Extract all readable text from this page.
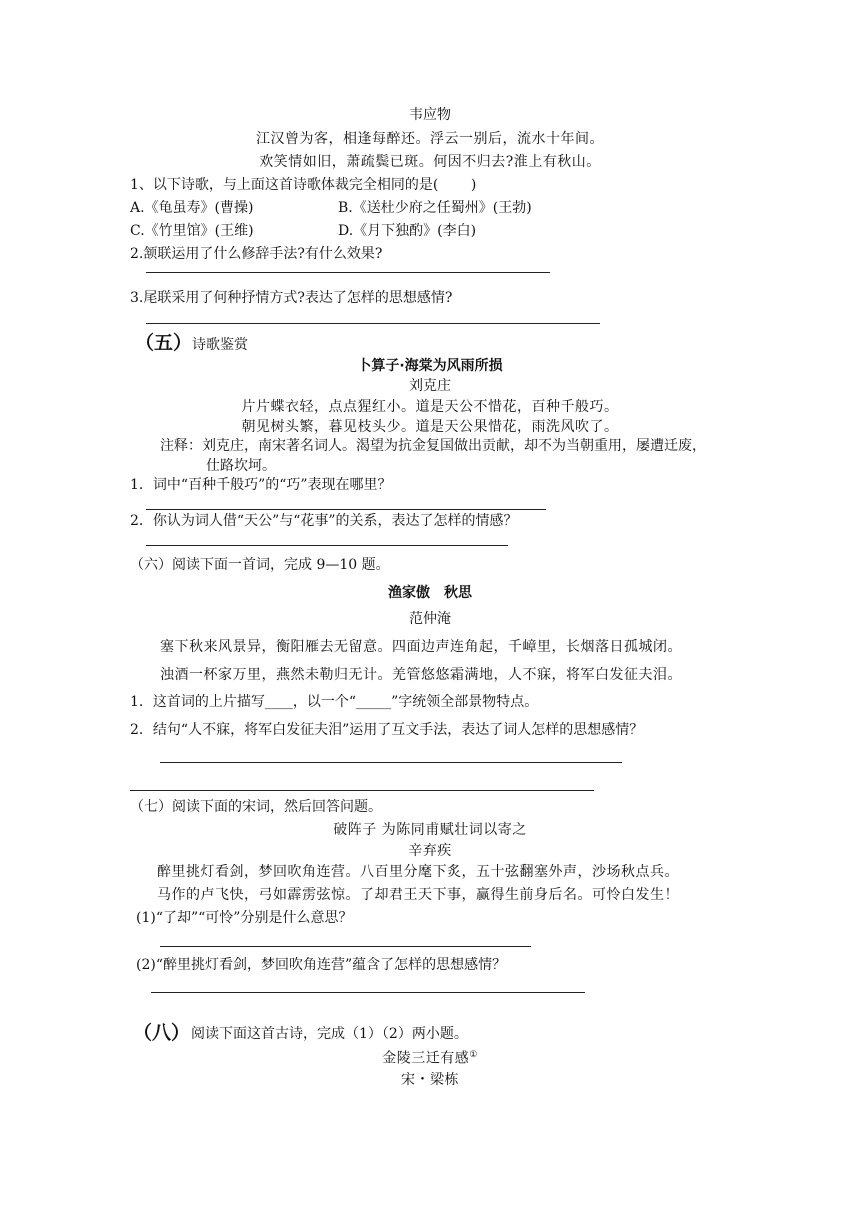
韦应物
江汉曾为客，相逢每醉还。浮云一别后，流水十年间。
欢笑情如旧，萧疏鬓已斑。何因不归去?淮上有秋山。
1、以下诗歌，与上面这首诗歌体裁完全相同的是(　　 )
A.《龟虽寿》(曹操)	B.《送杜少府之任蜀州》(王勃)
C.《竹里馆》(王维)	D.《月下独酌》(李白)
2.颔联运用了什么修辞手法?有什么效果?
3.尾联采用了何种抒情方式?表达了怎样的思想感情?
（五） 诗歌鉴赏
卜算子·海棠为风雨所损
刘克庄
片片蝶衣轻，点点猩红小。道是天公不惜花，百种千般巧。
朝见树头繁，暮见枝头少。道是天公果惜花，雨洗风吹了。
注释：刘克庄，南宋著名词人。渴望为抗金复国做出贡献，却不为当朝重用，屡遭迁废，
仕路坎坷。
1．词中“百种千般巧”的“巧”表现在哪里？
2．你认为词人借“天公”与“花事”的关系，表达了怎样的情感？
（六）阅读下面一首词，完成 9—10 题。
渔家傲　秋思
范仲淹
塞下秋来风景异，衡阳雁去无留意。四面边声连角起，千嶂里，长烟落日孤城闭。
浊酒一杯家万里，燕然未勒归无计。羌管悠悠霜满地，人不寐，将军白发征夫泪。
1．这首词的上片描写____，以一个“_____”字统领全部景物特点。
2．结句“人不寐，将军白发征夫泪”运用了互文手法，表达了词人怎样的思想感情？
（七）阅读下面的宋词，然后回答问题。
破阵子 为陈同甫赋壮词以寄之
辛弃疾
醉里挑灯看剑，梦回吹角连营。八百里分麾下炙，五十弦翻塞外声，沙场秋点兵。
马作的卢飞快，弓如霹雳弦惊。了却君王天下事，赢得生前身后名。可怜白发生！
(1)“了却”“可怜”分别是什么意思？
(2)“醉里挑灯看剑，梦回吹角连营”蕴含了怎样的思想感情？
（八） 阅读下面这首古诗，完成（1）（2）两小题。
金陵三迁有感①
宋・梁栋
